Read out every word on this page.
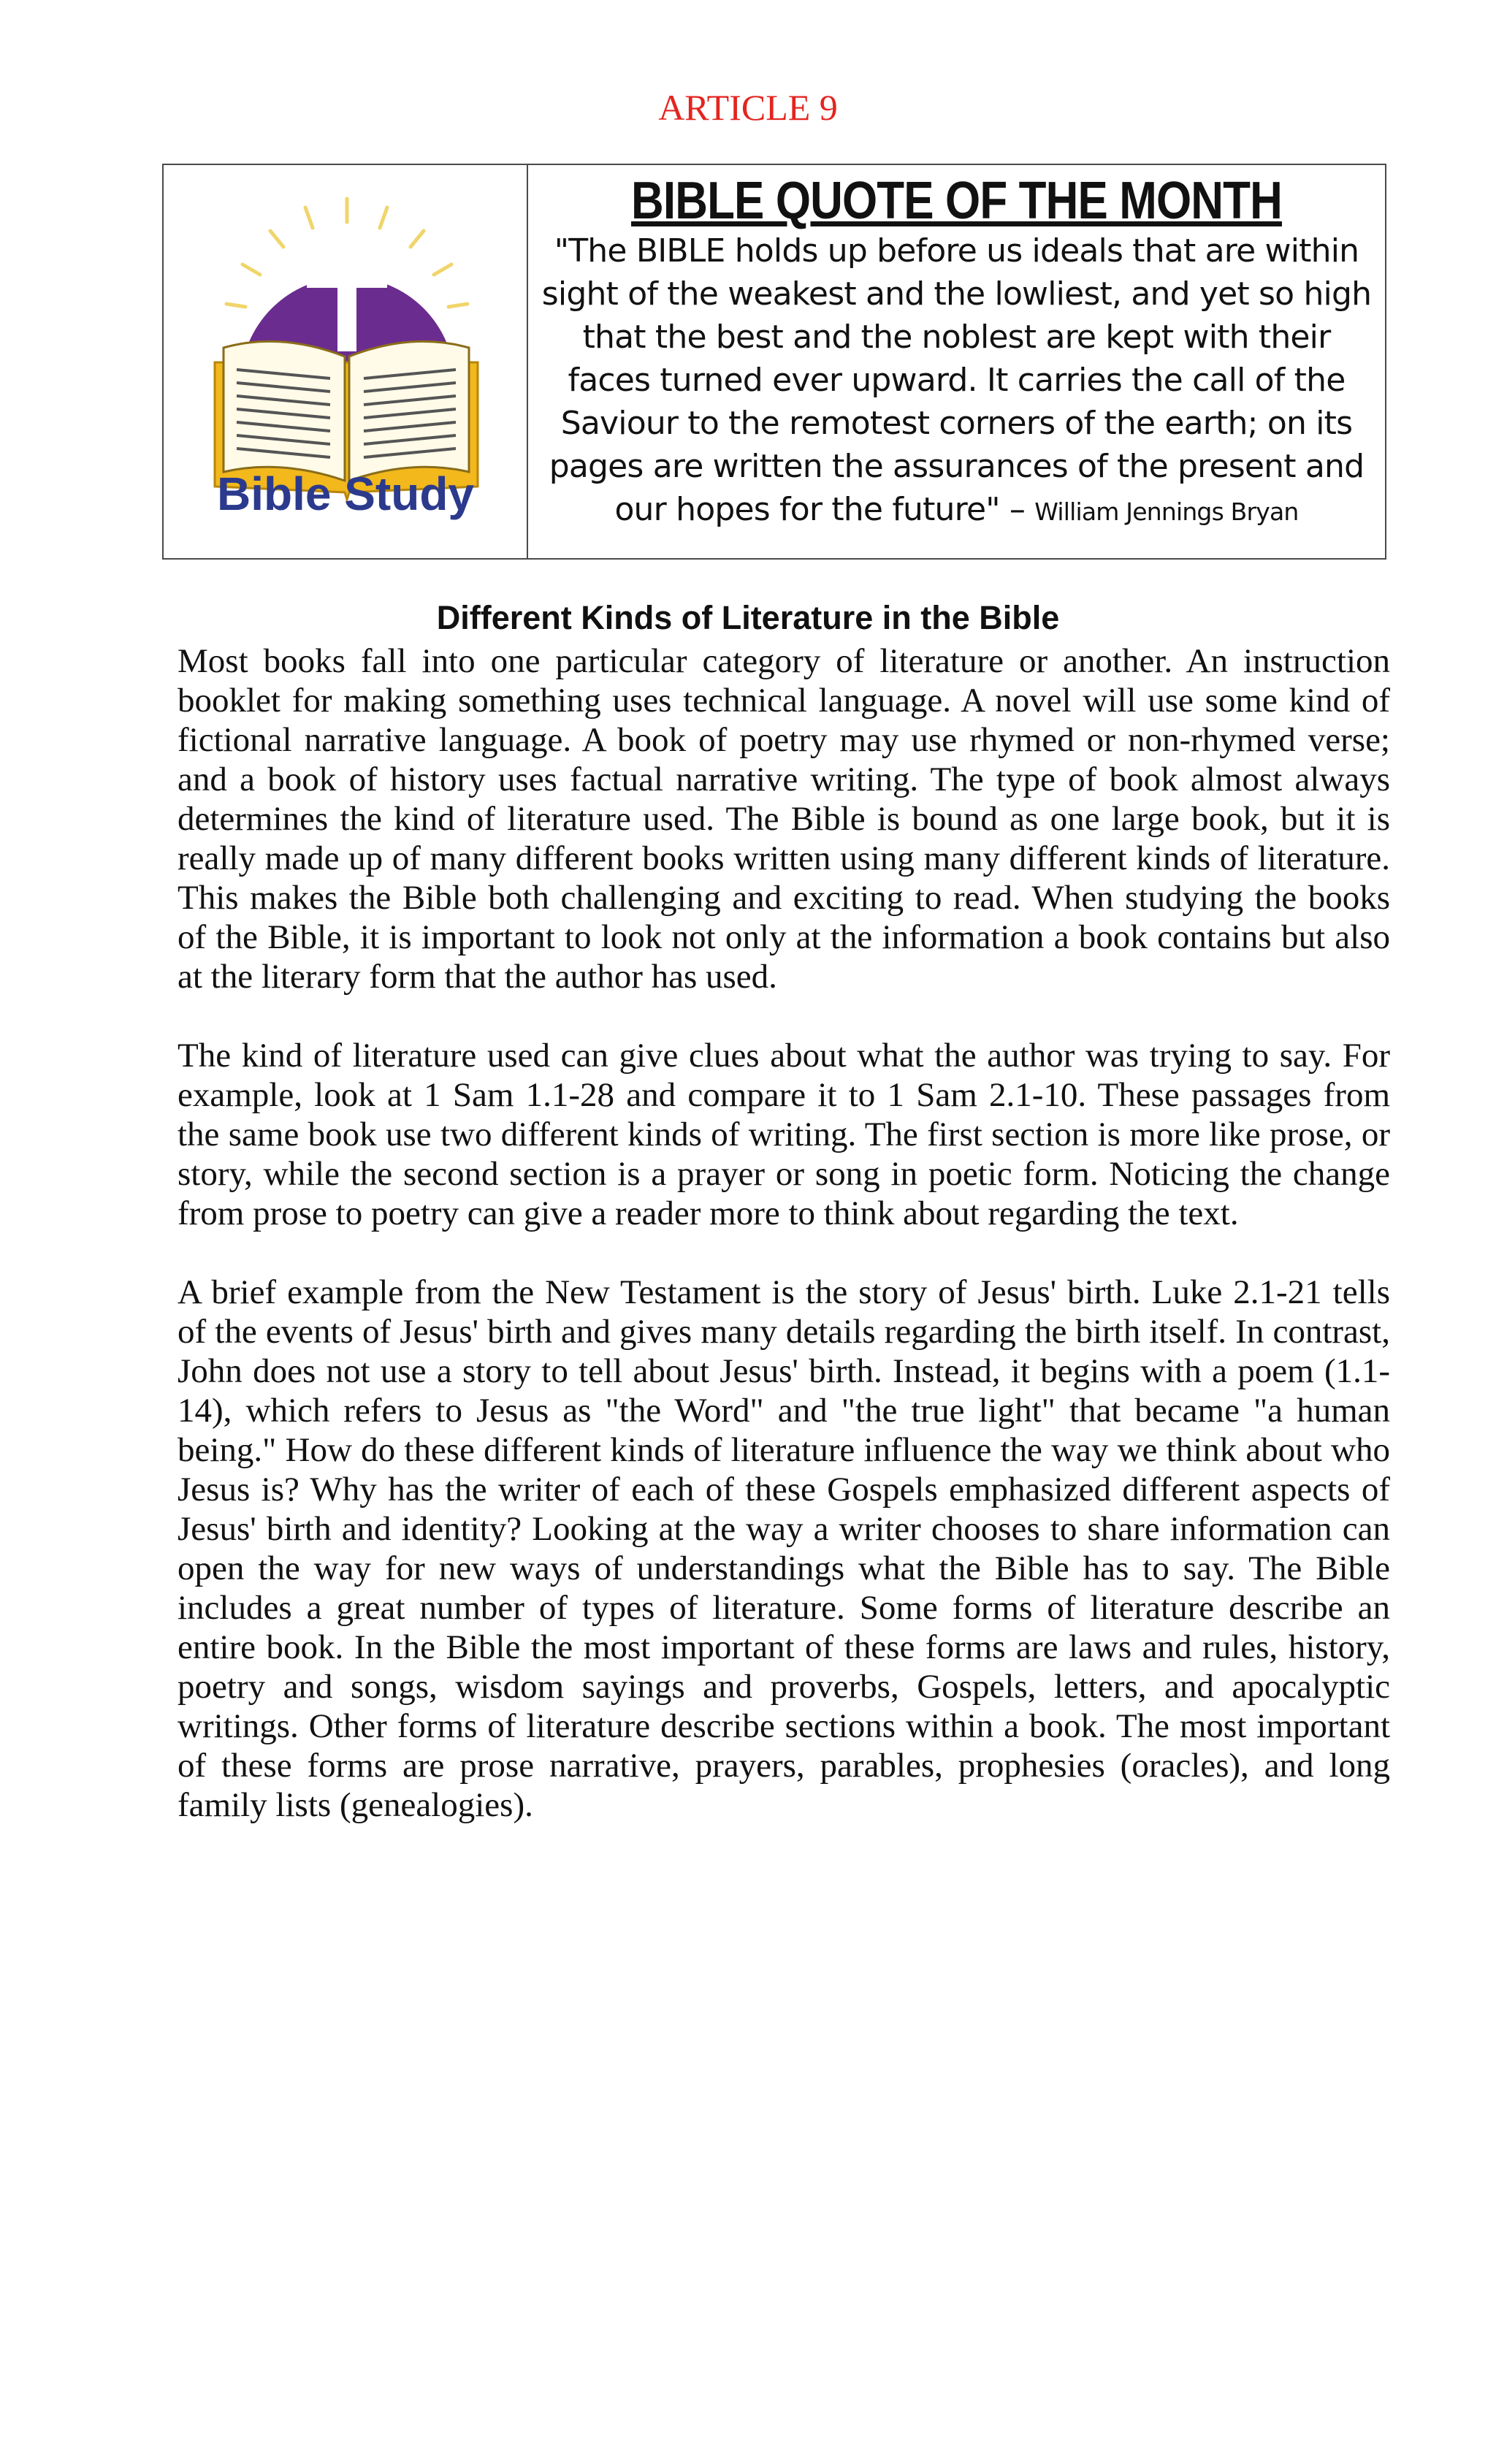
ARTICLE 9
Bible Study
BIBLE QUOTE OF THE MONTH
"The BIBLE holds up before us ideals that are within sight of the weakest and the lowliest, and yet so high that the best and the noblest are kept with their faces turned ever upward. It carries the call of the Saviour to the remotest corners of the earth; on its pages are written the assurances of the present and our hopes for the future" – William Jennings Bryan
Different Kinds of Literature in the Bible

Most books fall into one particular category of literature or another. An instruction booklet for making something uses technical language. A novel will use some kind of fictional narrative language. A book of poetry may use rhymed or non-rhymed verse; and a book of history uses factual narrative writing. The type of book almost always determines the kind of literature used. The Bible is bound as one large book, but it is really made up of many different books written using many different kinds of literature. This makes the Bible both challenging and exciting to read. When studying the books of the Bible, it is important to look not only at the information a book contains but also at the literary form that the author has used.

The kind of literature used can give clues about what the author was trying to say. For example, look at 1 Sam 1.1-28 and compare it to 1 Sam 2.1-10. These passages from the same book use two different kinds of writing. The first section is more like prose, or story, while the second section is a prayer or song in poetic form. Noticing the change from prose to poetry can give a reader more to think about regarding the text.

A brief example from the New Testament is the story of Jesus' birth. Luke 2.1-21 tells of the events of Jesus' birth and gives many details regarding the birth itself. In contrast, John does not use a story to tell about Jesus' birth. Instead, it begins with a poem (1.1-14), which refers to Jesus as "the Word" and "the true light" that became "a human being." How do these different kinds of literature influence the way we think about who Jesus is? Why has the writer of each of these Gospels emphasized different aspects of Jesus' birth and identity? Looking at the way a writer chooses to share information can open the way for new ways of understandings what the Bible has to say. The Bible includes a great number of types of literature. Some forms of literature describe an entire book. In the Bible the most important of these forms are laws and rules, history, poetry and songs, wisdom sayings and proverbs, Gospels, letters, and apocalyptic writings. Other forms of literature describe sections within a book. The most important of these forms are prose narrative, prayers, parables, prophesies (oracles), and long family lists (genealogies).
